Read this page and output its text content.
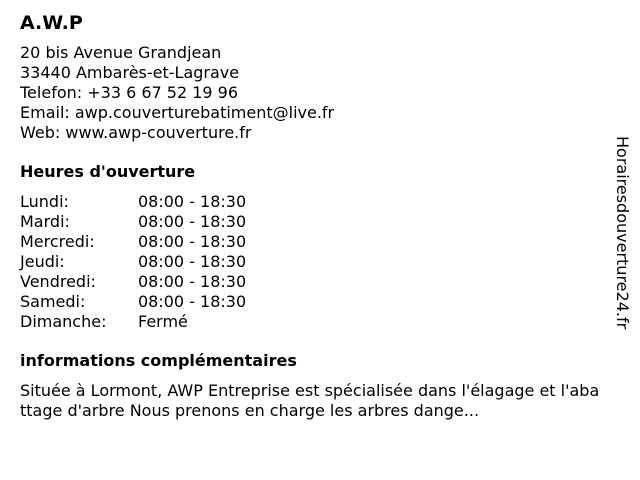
A.W.P
20 bis Avenue Grandjean
33440 Ambarès-et-Lagrave
Telefon: +33 6 67 52 19 96
Email: awp.couverturebatiment@live.fr
Web: www.awp-couverture.fr
Heures d'ouverture
Lundi:	08:00 - 18:30
Mardi:	08:00 - 18:30
Mercredi:	08:00 - 18:30
Jeudi:	08:00 - 18:30
Vendredi:	08:00 - 18:30
Samedi:	08:00 - 18:30
Dimanche:	Fermé
informations complémentaires
Située à Lormont, AWP Entreprise est spécialisée dans l'élagage et l'abattage d'arbre Nous prenons en charge les arbres dange...
Horairesdouverture24.fr
